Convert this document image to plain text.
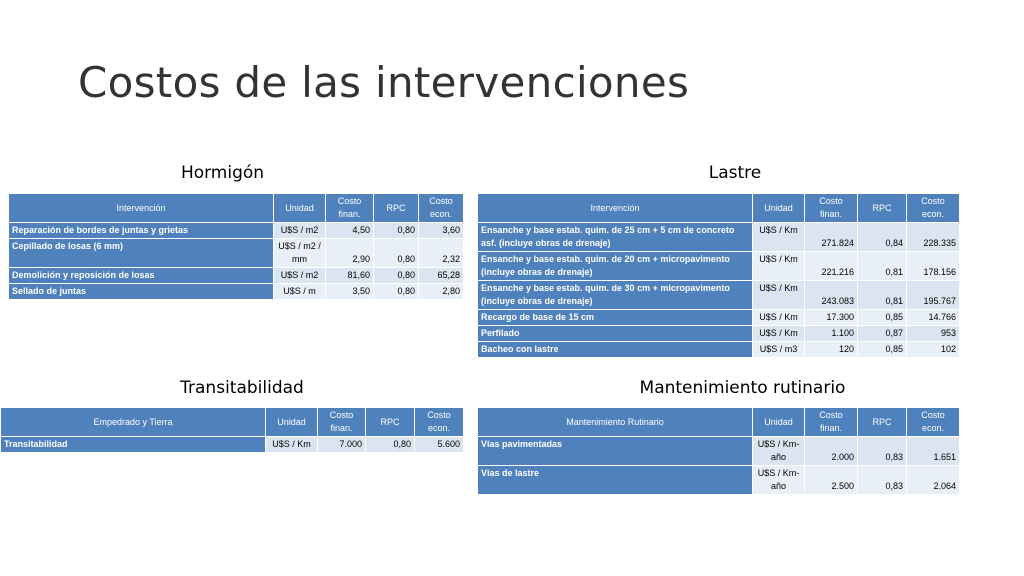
Costos de las intervenciones
Hormigón
Intervención	Unidad	Costo finan.	RPC	Costo econ.
Reparación de bordes de juntas y grietas	U$S / m2	4,50	0,80	3,60
Cepillado de losas (6 mm)	U$S / m2 / mm	2,90	0,80	2,32
Demolición y reposición de losas	U$S / m2	81,60	0,80	65,28
Sellado de juntas	U$S / m	3,50	0,80	2,80
Lastre
Intervención	Unidad	Costo finan.	RPC	Costo econ.
Ensanche y base estab. quim. de 25 cm + 5 cm de concreto asf. (incluye obras de drenaje)	U$S / Km	271.824	0,84	228.335
Ensanche y base estab. quim. de 20 cm + micropavimento (incluye obras de drenaje)	U$S / Km	221.216	0,81	178.156
Ensanche y base estab. quim. de 30 cm + micropavimento (incluye obras de drenaje)	U$S / Km	243.083	0,81	195.767
Recargo de base de 15 cm	U$S / Km	17.300	0,85	14.766
Perfilado	U$S / Km	1.100	0,87	953
Bacheo con lastre	U$S / m3	120	0,85	102
Transitabilidad
Empedrado y Tierra	Unidad	Costo finan.	RPC	Costo econ.
Transitabilidad	U$S / Km	7.000	0,80	5.600
Mantenimiento rutinario
Mantenimiento Rutinario	Unidad	Costo finan.	RPC	Costo econ.
Vías pavimentadas	U$S / Km-año	2.000	0,83	1.651
Vías de lastre	U$S / Km-año	2.500	0,83	2.064
